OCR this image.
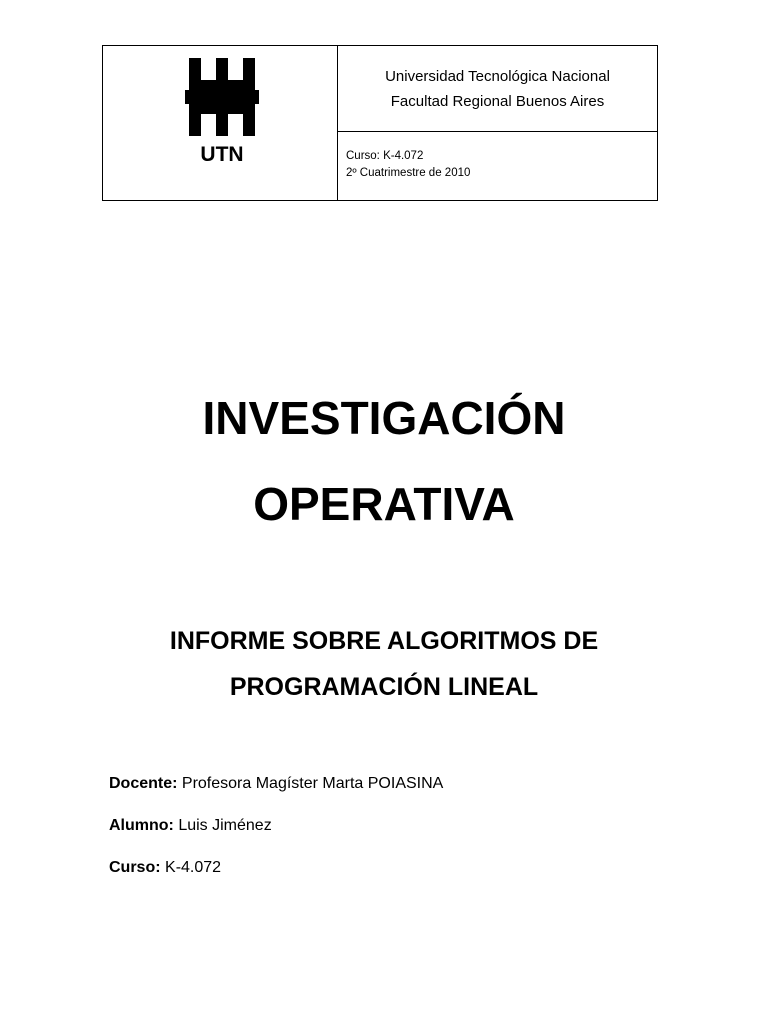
UTN
Universidad Tecnológica Nacional
Facultad Regional Buenos Aires
Curso: K-4.072
2º Cuatrimestre de 2010
INVESTIGACIÓN
OPERATIVA
INFORME SOBRE ALGORITMOS DE
PROGRAMACIÓN LINEAL
Docente: Profesora Magíster Marta POIASINA
Alumno: Luis Jiménez
Curso: K-4.072
